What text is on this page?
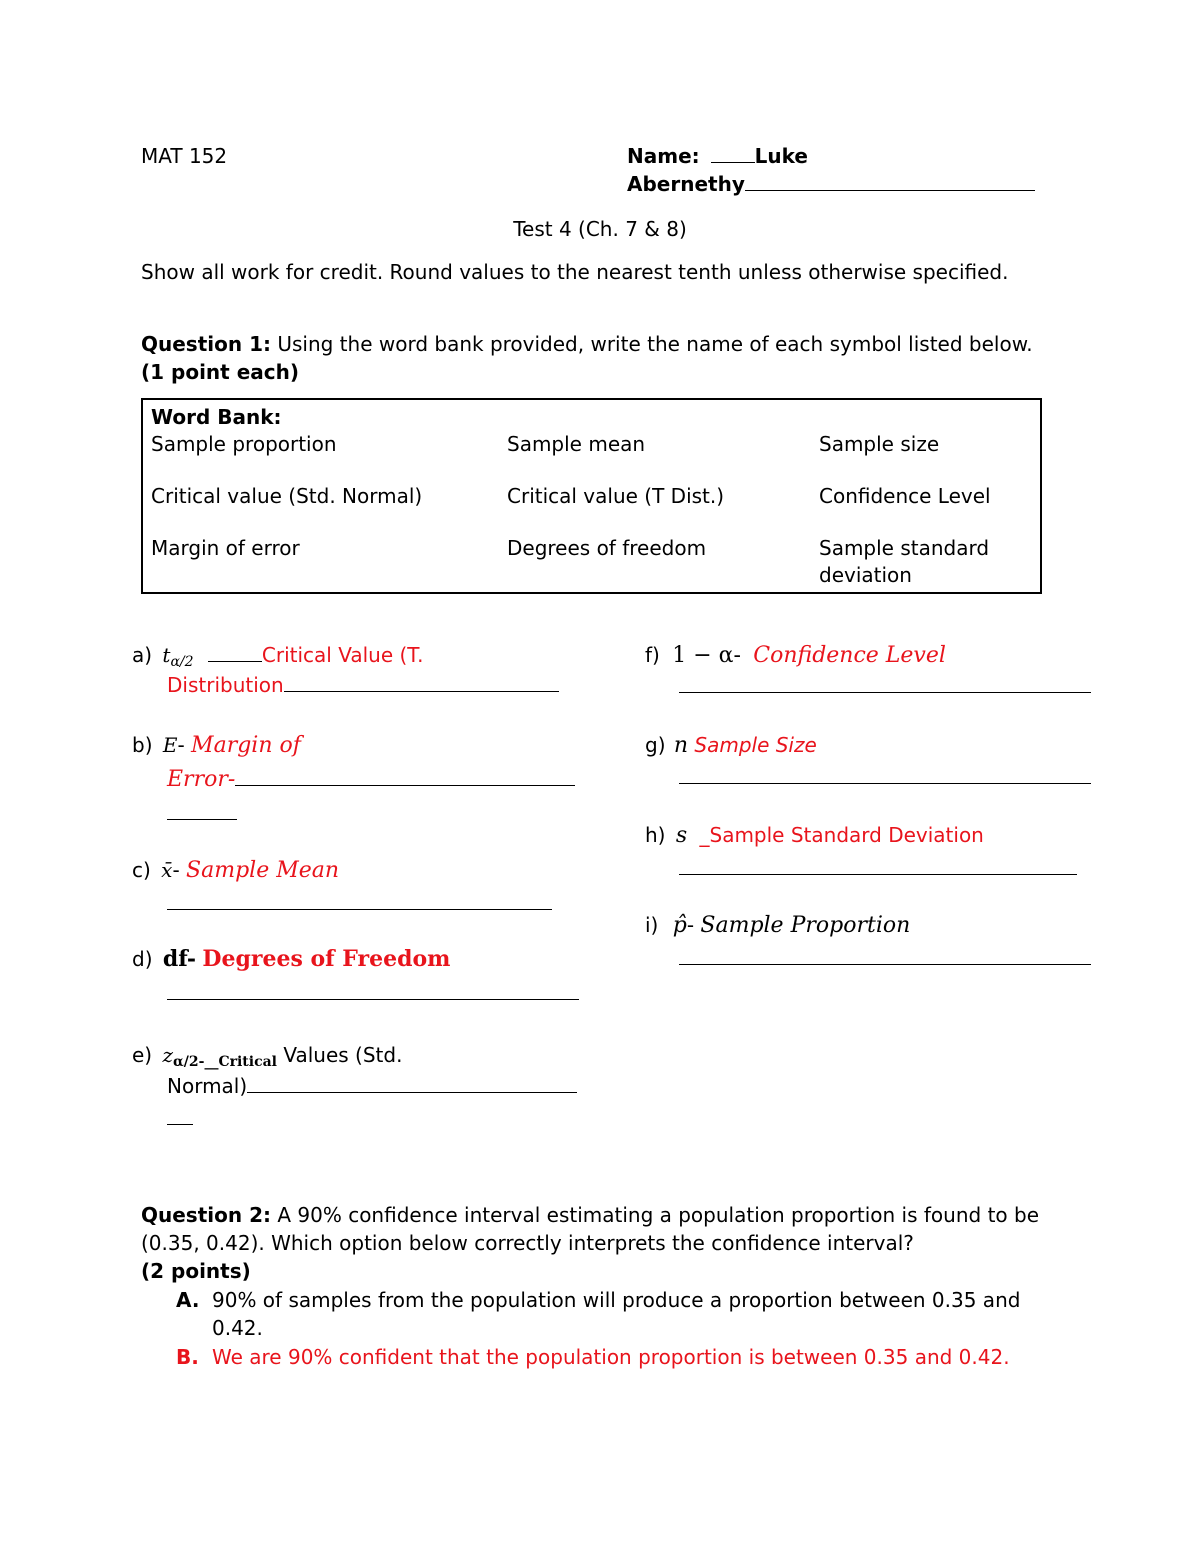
MAT 152	Name:	Luke
Abernethy
Test 4 (Ch. 7 & 8)
Show all work for credit. Round values to the nearest tenth unless otherwise specified.
Question 1: Using the word bank provided, write the name of each symbol listed below. (1 point each)
Word Bank:
Sample proportion	Sample mean	Sample size
Critical value (Std. Normal)	Critical value (T Dist.)	Confidence Level
Margin of error	Degrees of freedom	Sample standard deviation
a) $t_{\alpha/2}$	Critical Value (T.
Distribution
b) E- Margin of
Error-
c) x̄- Sample Mean
d) df- Degrees of Freedom
e) $z_{\alpha/2-\_\_Critical}$ Values (Std.
Normal)
f) 1 − α- Confidence Level
g) n Sample Size
h) s _Sample Standard Deviation
i) p̂- Sample Proportion
Question 2: A 90% confidence interval estimating a population proportion is found to be (0.35, 0.42). Which option below correctly interprets the confidence interval?
(2 points)
A. 90% of samples from the population will produce a proportion between 0.35 and 0.42.
B. We are 90% confident that the population proportion is between 0.35 and 0.42.
